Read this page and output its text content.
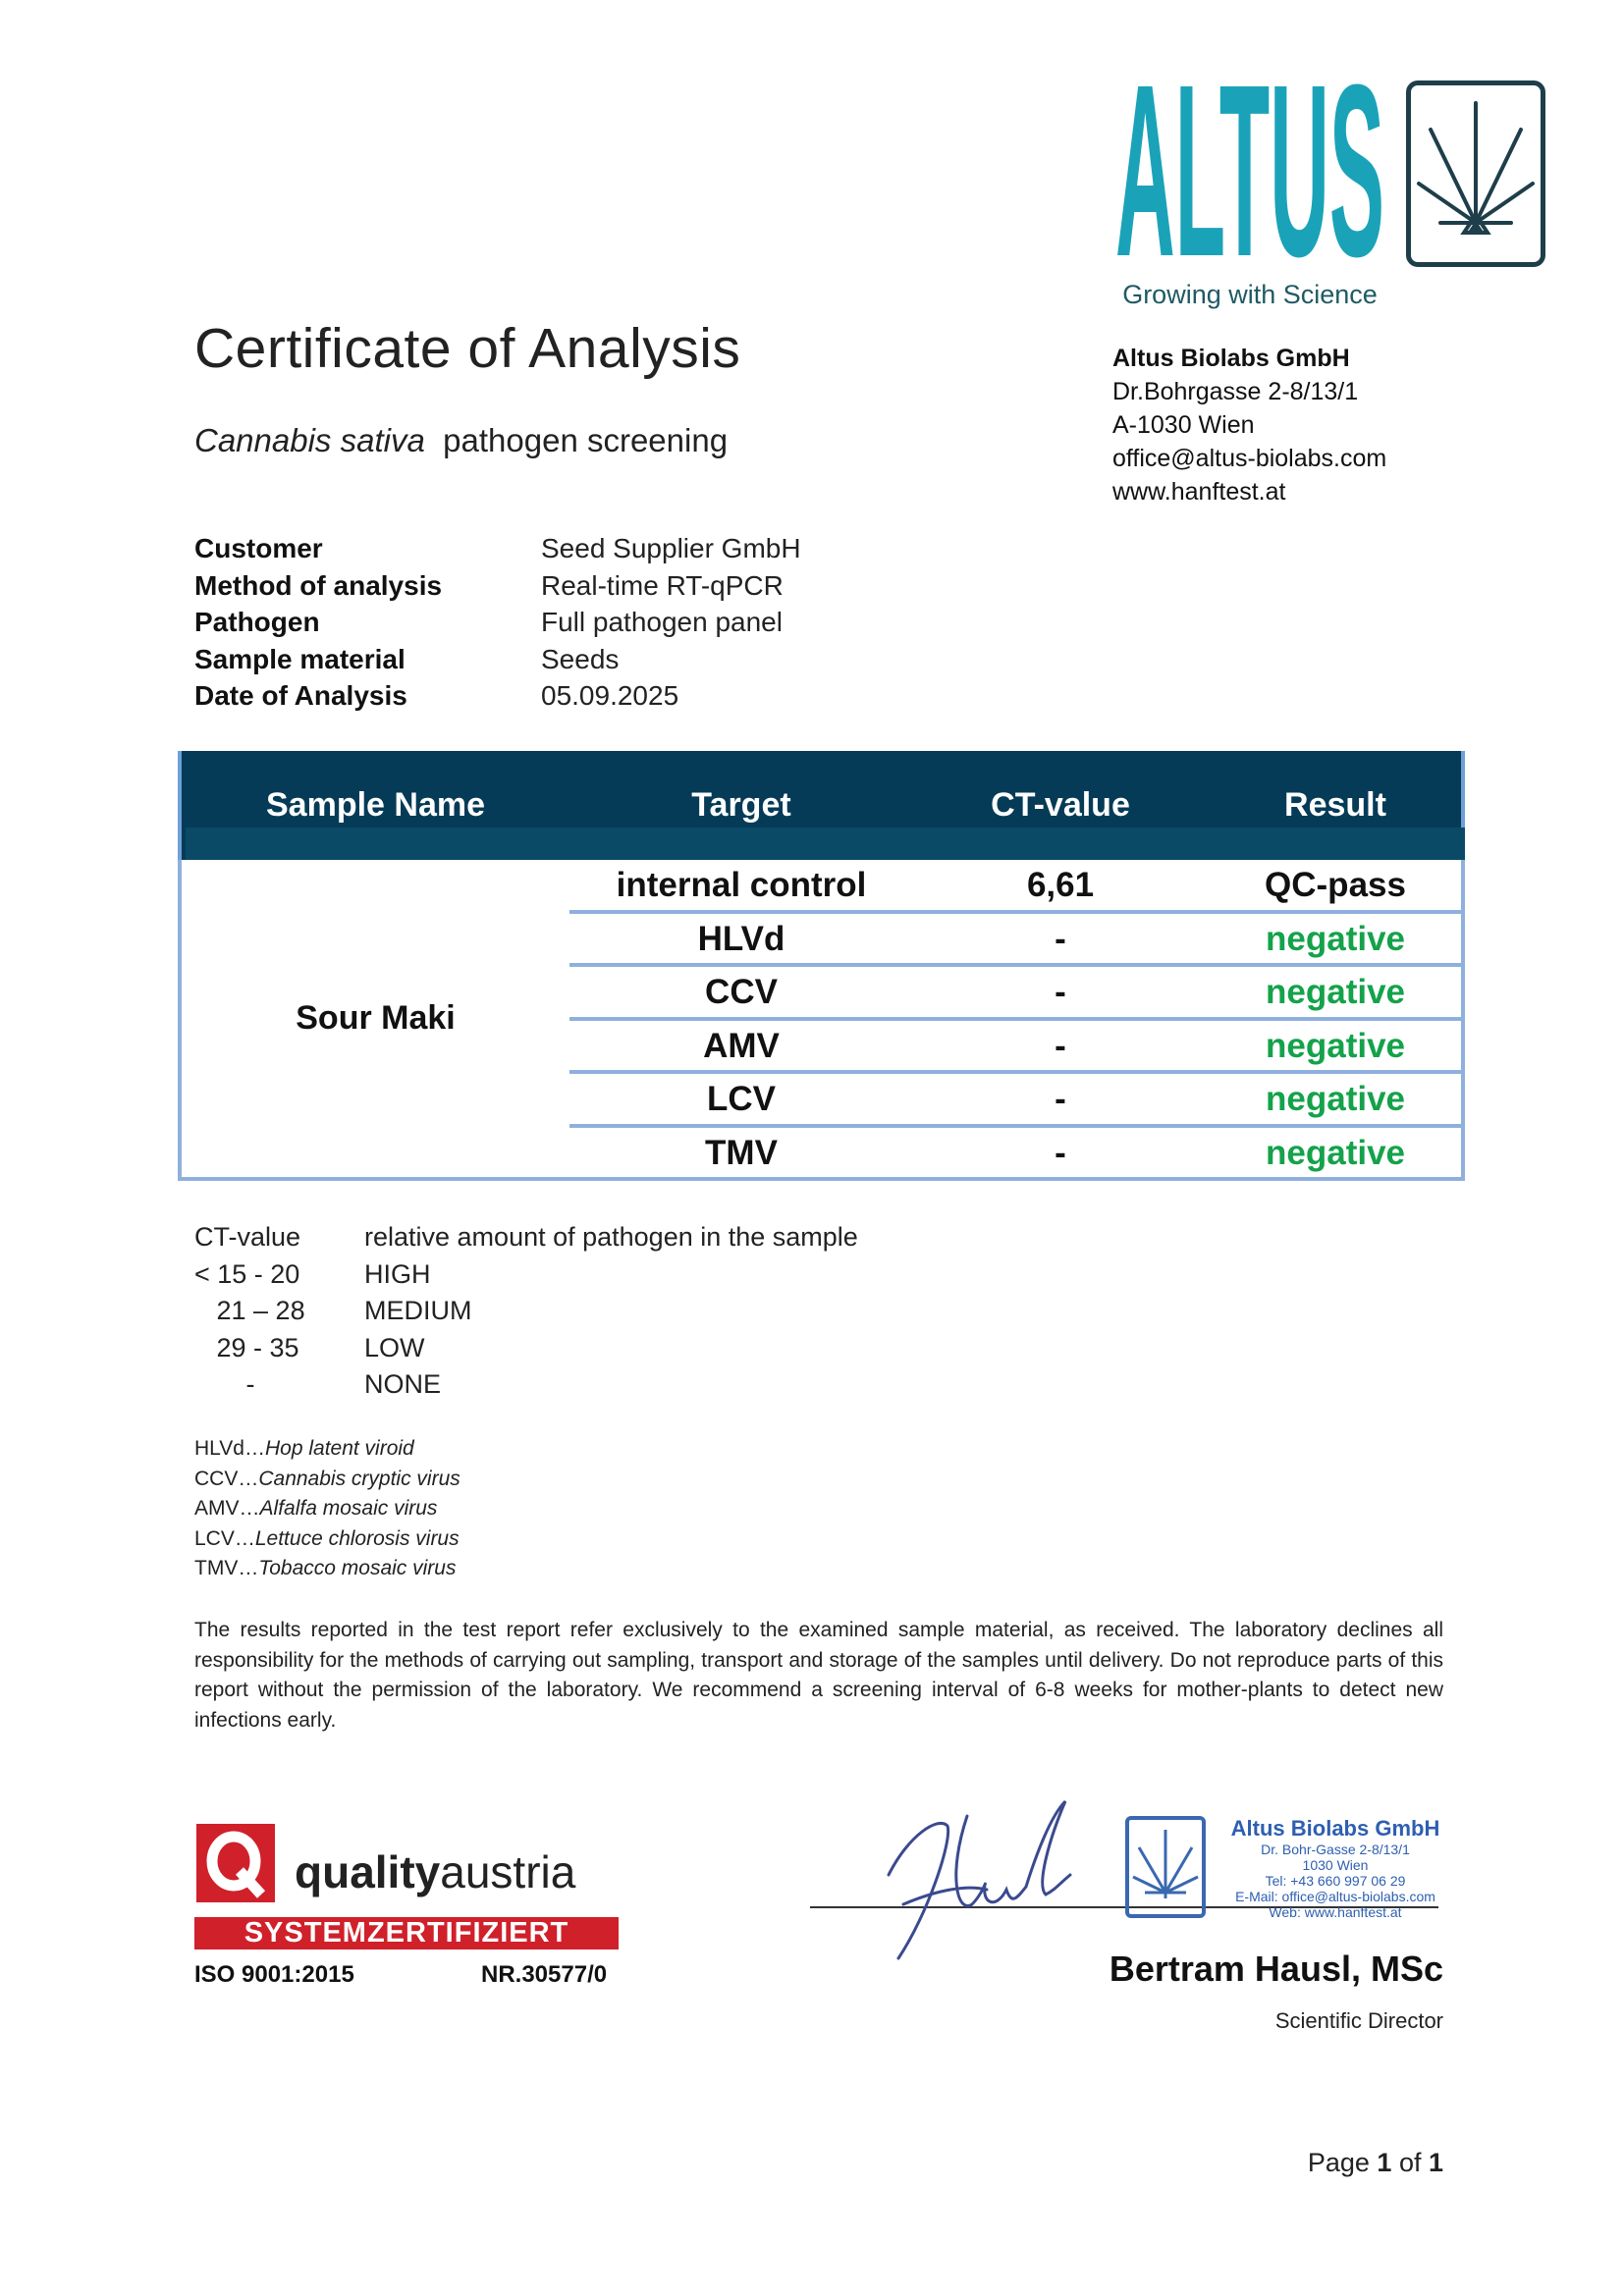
ALTUS
Growing with Science
Certificate of Analysis
Cannabis sativa pathogen screening
Altus Biolabs GmbH
Dr.Bohrgasse 2-8/13/1
A-1030 Wien
office@altus-biolabs.com
www.hanftest.at
Customer	Seed Supplier GmbH
Method of analysis	Real-time RT-qPCR
Pathogen	Full pathogen panel
Sample material	Seeds
Date of Analysis	05.09.2025
Sample Name	Target	CT-value	Result
Sour Maki
internal control	6,61	QC-pass
HLVd	-	negative
CCV	-	negative
AMV	-	negative
LCV	-	negative
TMV	-	negative
CT-value	relative amount of pathogen in the sample
< 15 - 20	HIGH
21 – 28 MEDIUM
29 - 35	LOW
-	NONE
HLVd…Hop latent viroid
CCV…Cannabis cryptic virus
AMV…Alfalfa mosaic virus
LCV…Lettuce chlorosis virus
TMV…Tobacco mosaic virus
The results reported in the test report refer exclusively to the examined sample material, as received. The laboratory declines all responsibility for the methods of carrying out sampling, transport and storage of the samples until delivery. Do not reproduce parts of this report without the permission of the laboratory. We recommend a screening interval of 6-8 weeks for mother-plants to detect new infections early.
qualityaustria
SYSTEMZERTIFIZIERT
ISO 9001:2015	NR.30577/0
Altus Biolabs GmbH
Dr. Bohr-Gasse 2-8/13/1
1030 Wien
Tel: +43 660 997 06 29
E-Mail: office@altus-biolabs.com
Web: www.hanftest.at
Bertram Hausl, MSc
Scientific Director
Page 1 of 1
